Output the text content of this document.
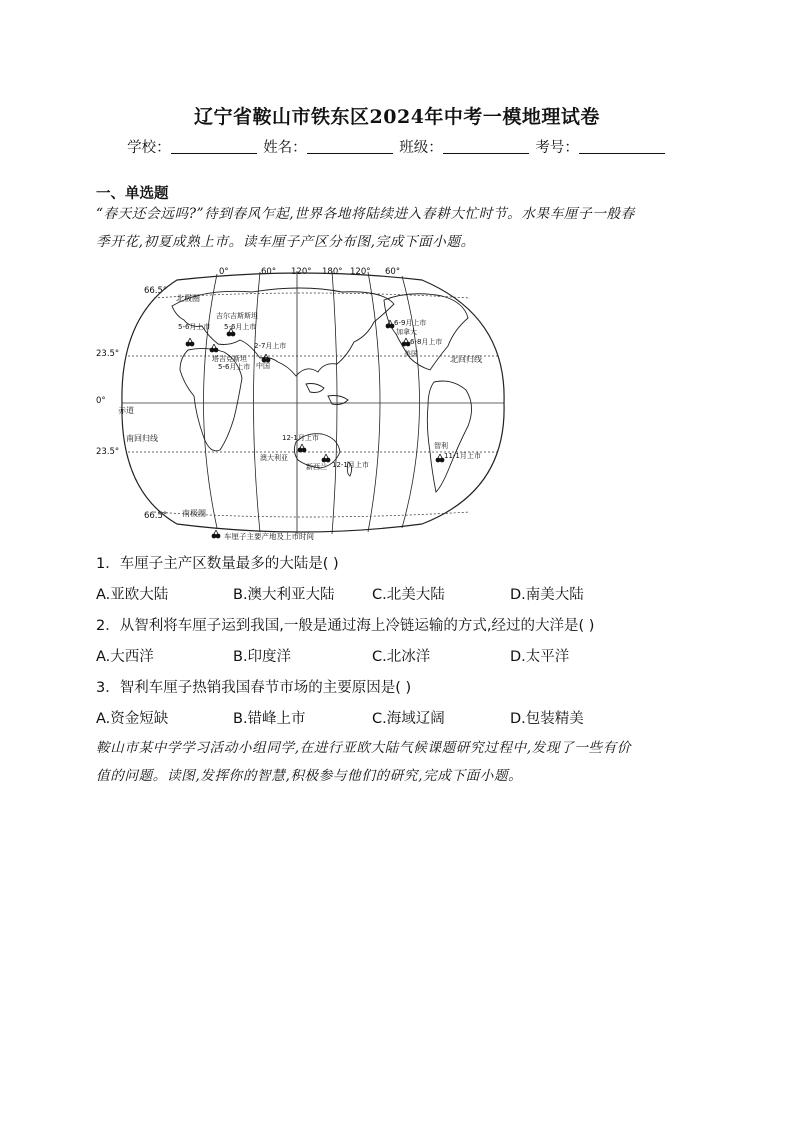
辽宁省鞍山市铁东区2024年中考一模地理试卷
学校：	姓名：	班级：	考号：
一、单选题
“春天还会远吗?”待到春风乍起,世界各地将陆续进入春耕大忙时节。水果车厘子一般春
季开花,初夏成熟上市。读车厘子产区分布图,完成下面小题。
0°	60° 120° 180° 120° 60°
66.5°
23.5°
0°
23.5°
66.5°
北极圈
北回归线
赤道
南回归线
南极圈
吉尔吉斯斯坦
5-6月上市 5-6月上市
塔吉克斯坦
5-6月上市
2-7月上市
中国
6-9月上市
加拿大
6-8月上市
美国
12-1月上市
澳大利亚
新西兰 12-1月上市
智利
11-1月上市
车厘子主要产地及上市时间
1．车厘子主产区数量最多的大陆是( )
A.亚欧大陆	B.澳大利亚大陆	C.北美大陆	D.南美大陆
2．从智利将车厘子运到我国,一般是通过海上冷链运输的方式,经过的大洋是( )
A.大西洋	B.印度洋	C.北冰洋	D.太平洋
3．智利车厘子热销我国春节市场的主要原因是( )
A.资金短缺	B.错峰上市	C.海域辽阔	D.包装精美
鞍山市某中学学习活动小组同学,在进行亚欧大陆气候课题研究过程中,发现了一些有价
值的问题。读图,发挥你的智慧,积极参与他们的研究,完成下面小题。
